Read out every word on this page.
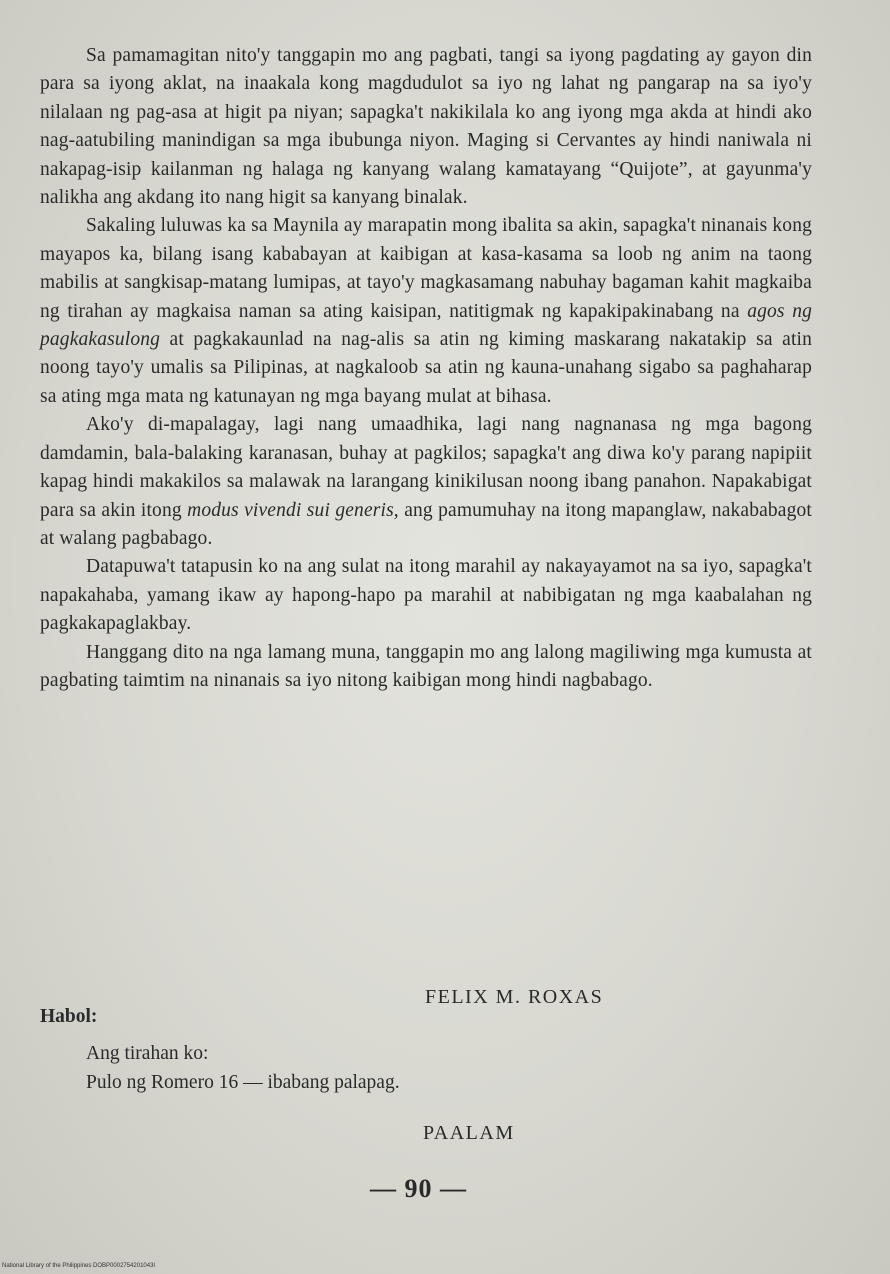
Sa pamamagitan nito'y tanggapin mo ang pagbati, tangi sa iyong pagdating ay gayon din para sa iyong aklat, na inaakala kong magdudulot sa iyo ng lahat ng pangarap na sa iyo'y nilalaan ng pag-asa at higit pa niyan; sapagka't nakikilala ko ang iyong mga akda at hindi ako nag-aatubiling manindigan sa mga ibubunga niyon. Maging si Cervantes ay hindi naniwala ni nakapag-isip kailanman ng halaga ng kanyang walang kamatayang “Quijote”, at gayunma'y nalikha ang akdang ito nang higit sa kanyang binalak.

Sakaling luluwas ka sa Maynila ay marapatin mong ibalita sa akin, sapagka't ninanais kong mayapos ka, bilang isang kababayan at kaibigan at kasa-kasama sa loob ng anim na taong mabilis at sangkisap-matang lumipas, at tayo'y magkasamang nabuhay bagaman kahit magkaiba ng tirahan ay magkaisa naman sa ating kaisipan, natitigmak ng kapakipakinabang na agos ng pagkakasulong at pagkakaunlad na nag-alis sa atin ng kiming maskarang nakatakip sa atin noong tayo'y umalis sa Pilipinas, at nagkaloob sa atin ng kauna-unahang sigabo sa paghaharap sa ating mga mata ng katunayan ng mga bayang mulat at bihasa.

Ako'y di-mapalagay, lagi nang umaadhika, lagi nang nagnanasa ng mga bagong damdamin, bala-balaking karanasan, buhay at pagkilos; sapagka't ang diwa ko'y parang napipiit kapag hindi makakilos sa malawak na larangang kinikilusan noong ibang panahon. Napakabigat para sa akin itong modus vivendi sui generis, ang pamumuhay na itong mapanglaw, nakababagot at walang pagbabago.

Datapuwa't tatapusin ko na ang sulat na itong marahil ay nakayayamot na sa iyo, sapagka't napakahaba, yamang ikaw ay hapong-hapo pa marahil at nabibigatan ng mga kaabalahan ng pagkakapaglakbay.

Hanggang dito na nga lamang muna, tanggapin mo ang lalong magiliwing mga kumusta at pagbating taimtim na ninanais sa iyo nitong kaibigan mong hindi nagbabago.

FELIX M. ROXAS
Habol:
Ang tirahan ko:
Pulo ng Romero 16 — ibabang palapag.
PAALAM
— 90 —
National Library of the Philippines DOBP0002754201043I
